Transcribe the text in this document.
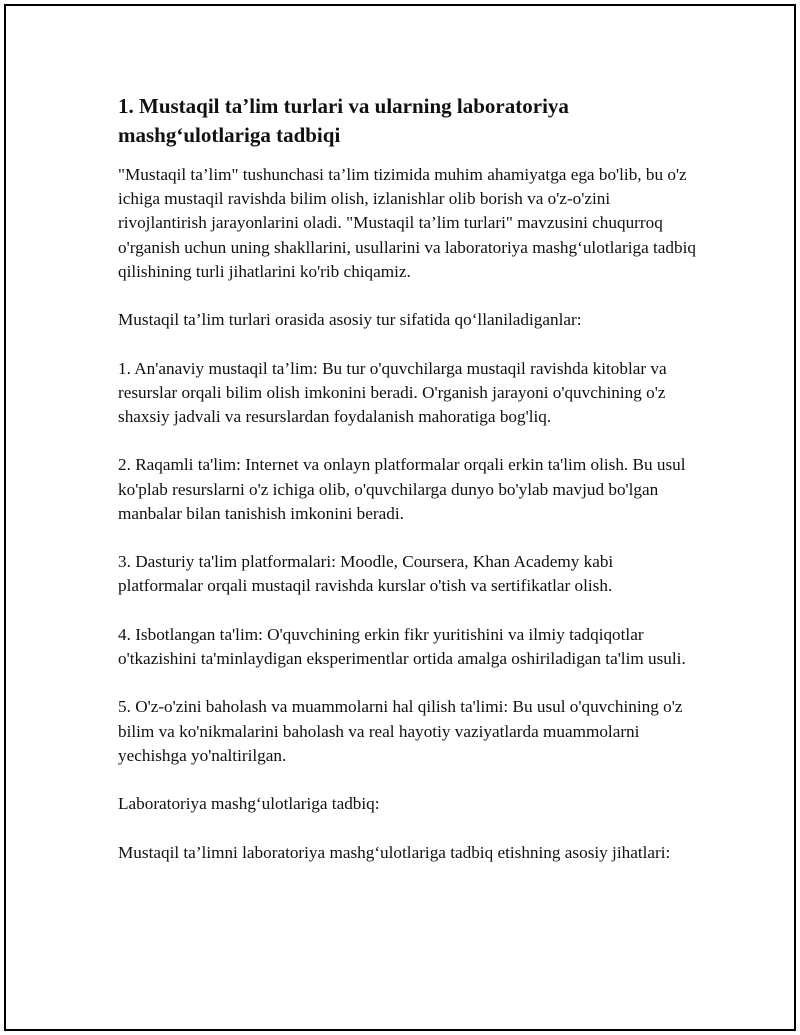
1. Mustaqil ta’lim turlari va ularning laboratoriya mashg‘ulotlariga tadbiqi

"Mustaqil ta’lim" tushunchasi ta’lim tizimida muhim ahamiyatga ega bo'lib, bu o'z ichiga mustaqil ravishda bilim olish, izlanishlar olib borish va o'z-o'zini rivojlantirish jarayonlarini oladi. "Mustaqil ta’lim turlari" mavzusini chuqurroq o'rganish uchun uning shakllarini, usullarini va laboratoriya mashg‘ulotlariga tadbiq qilishining turli jihatlarini ko'rib chiqamiz.

Mustaqil ta’lim turlari orasida asosiy tur sifatida qo‘llaniladiganlar:

1. An'anaviy mustaqil ta’lim: Bu tur o'quvchilarga mustaqil ravishda kitoblar va resurslar orqali bilim olish imkonini beradi. O'rganish jarayoni o'quvchining o'z shaxsiy jadvali va resurslardan foydalanish mahoratiga bog'liq.

2. Raqamli ta'lim: Internet va onlayn platformalar orqali erkin ta'lim olish. Bu usul ko'plab resurslarni o'z ichiga olib, o'quvchilarga dunyo bo'ylab mavjud bo'lgan manbalar bilan tanishish imkonini beradi.

3. Dasturiy ta'lim platformalari: Moodle, Coursera, Khan Academy kabi platformalar orqali mustaqil ravishda kurslar o'tish va sertifikatlar olish.

4. Isbotlangan ta'lim: O'quvchining erkin fikr yuritishini va ilmiy tadqiqotlar o'tkazishini ta'minlaydigan eksperimentlar ortida amalga oshiriladigan ta'lim usuli.

5. O'z-o'zini baholash va muammolarni hal qilish ta'limi: Bu usul o'quvchining o'z bilim va ko'nikmalarini baholash va real hayotiy vaziyatlarda muammolarni yechishga yo'naltirilgan.

Laboratoriya mashg‘ulotlariga tadbiq:

Mustaqil ta’limni laboratoriya mashg‘ulotlariga tadbiq etishning asosiy jihatlari:
